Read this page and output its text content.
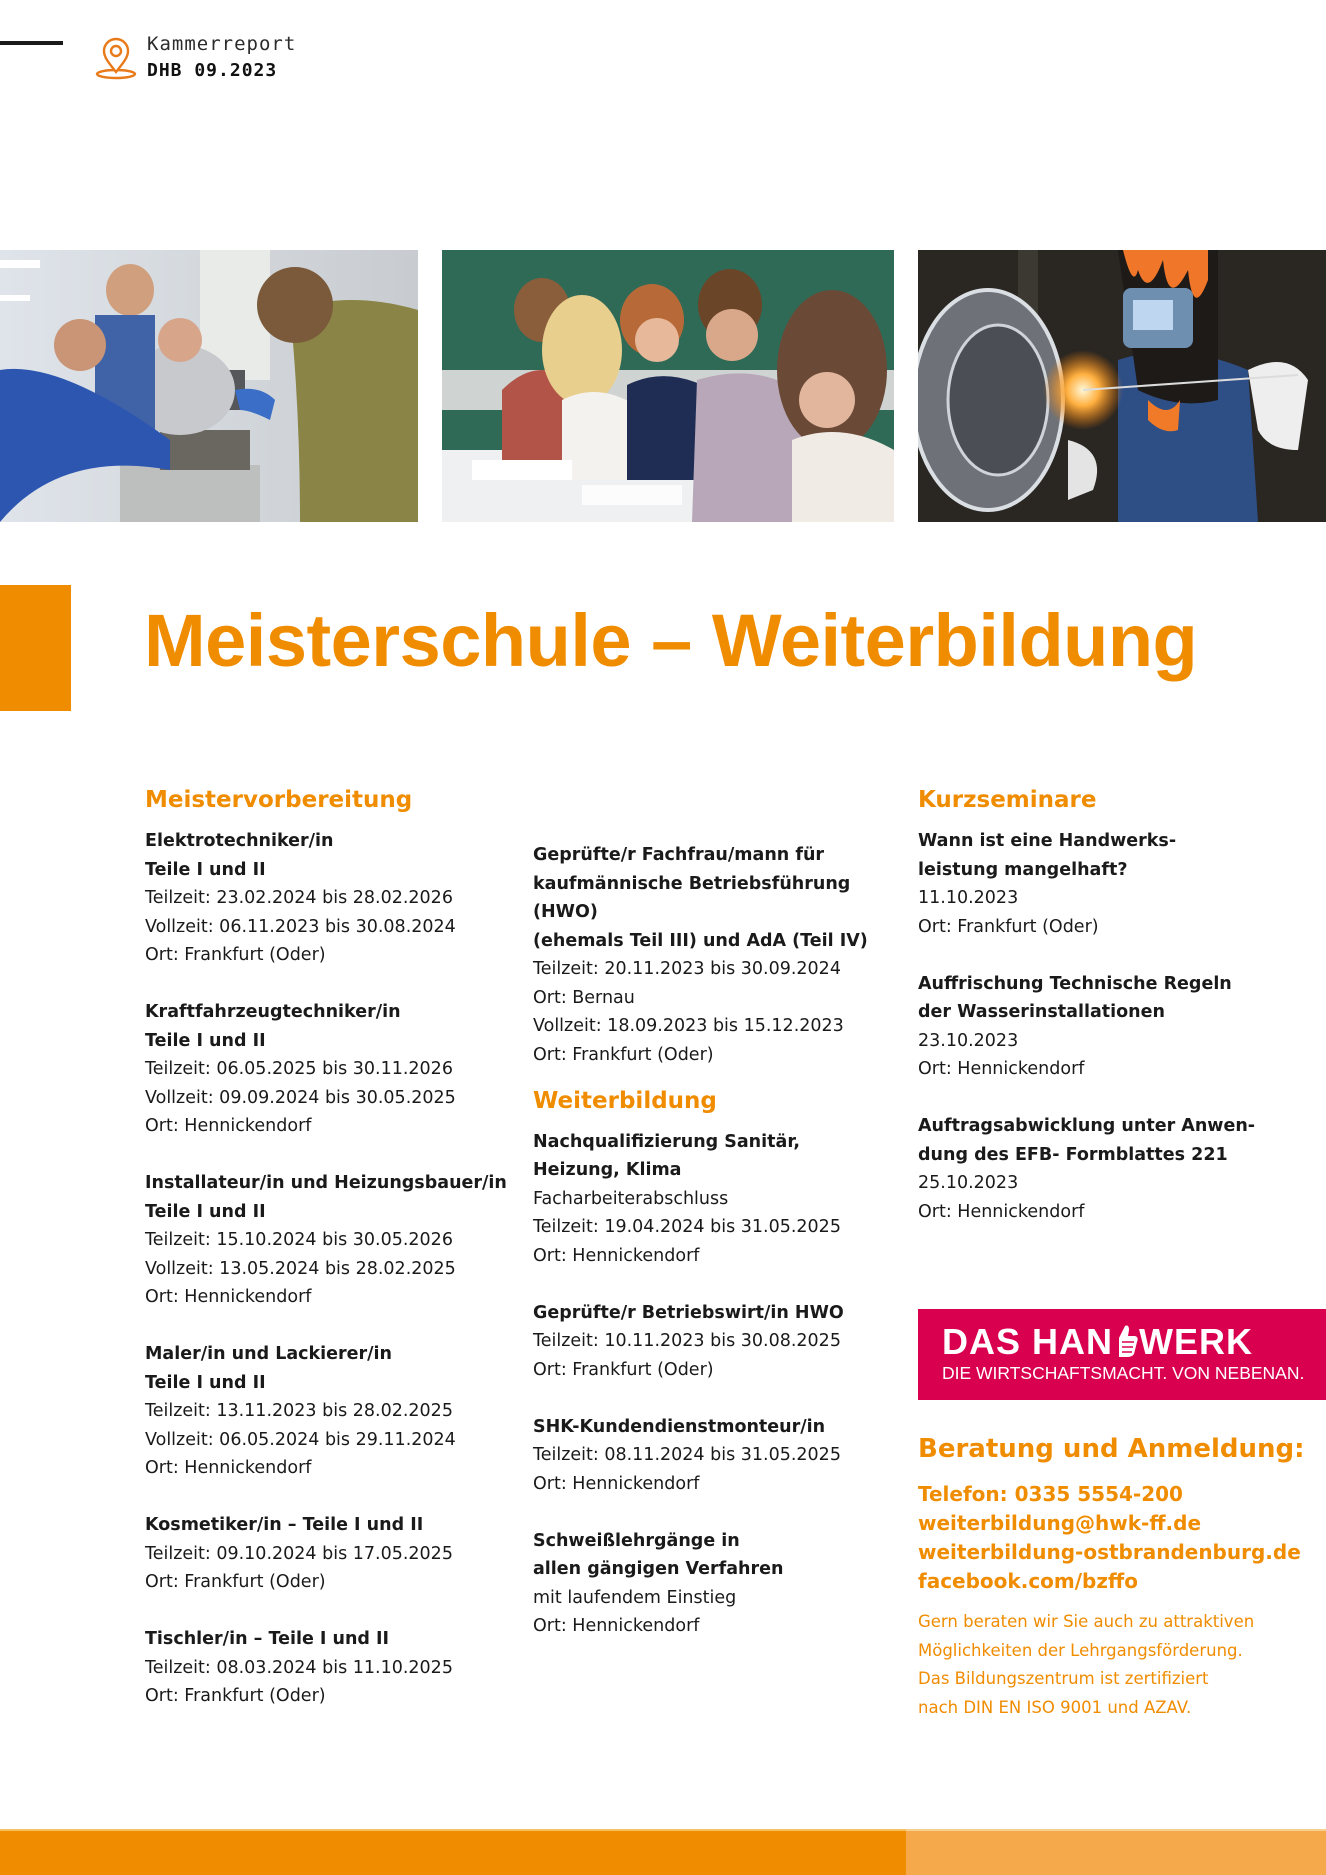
Kammerreport
DHB 09.2023
Meisterschule – Weiterbildung
Meistervorbereitung
Elektrotechniker/in
Teile I und II
Teilzeit: 23.02.2024 bis 28.02.2026
Vollzeit: 06.11.2023 bis 30.08.2024
Ort: Frankfurt (Oder)
Kraftfahrzeugtechniker/in
Teile I und II
Teilzeit: 06.05.2025 bis 30.11.2026
Vollzeit: 09.09.2024 bis 30.05.2025
Ort: Hennickendorf
Installateur/in und Heizungsbauer/in
Teile I und II
Teilzeit: 15.10.2024 bis 30.05.2026
Vollzeit: 13.05.2024 bis 28.02.2025
Ort: Hennickendorf
Maler/in und Lackierer/in
Teile I und II
Teilzeit: 13.11.2023 bis 28.02.2025
Vollzeit: 06.05.2024 bis 29.11.2024
Ort: Hennickendorf
Kosmetiker/in – Teile I und II
Teilzeit: 09.10.2024 bis 17.05.2025
Ort: Frankfurt (Oder)
Tischler/in – Teile I und II
Teilzeit: 08.03.2024 bis 11.10.2025
Ort: Frankfurt (Oder)
Geprüfte/r Fachfrau/mann für
kaufmännische Betriebsführung (HWO)
(ehemals Teil III) und AdA (Teil IV)
Teilzeit: 20.11.2023 bis 30.09.2024
Ort: Bernau
Vollzeit: 18.09.2023 bis 15.12.2023
Ort: Frankfurt (Oder)
Weiterbildung
Nachqualifizierung Sanitär,
Heizung, Klima
Facharbeiterabschluss
Teilzeit: 19.04.2024 bis 31.05.2025
Ort: Hennickendorf
Geprüfte/r Betriebswirt/in HWO
Teilzeit: 10.11.2023 bis 30.08.2025
Ort: Frankfurt (Oder)
SHK-Kundendienstmonteur/in
Teilzeit: 08.11.2024 bis 31.05.2025
Ort: Hennickendorf
Schweißlehrgänge in
allen gängigen Verfahren
mit laufendem Einstieg
Ort: Hennickendorf
Kurzseminare
Wann ist eine Handwerks-
leistung mangelhaft?
11.10.2023
Ort: Frankfurt (Oder)
Auffrischung Technische Regeln
der Wasserinstallationen
23.10.2023
Ort: Hennickendorf
Auftragsabwicklung unter Anwen-
dung des EFB- Formblattes 221
25.10.2023
Ort: Hennickendorf
DAS HAN WERK
DIE WIRTSCHAFTSMACHT. VON NEBENAN.
Beratung und Anmeldung:
Telefon: 0335 5554-200
weiterbildung@hwk-ff.de
weiterbildung-ostbrandenburg.de
facebook.com/bzffo
Gern beraten wir Sie auch zu attraktiven
Möglichkeiten der Lehrgangsförderung.
Das Bildungszentrum ist zertifiziert
nach DIN EN ISO 9001 und AZAV.
